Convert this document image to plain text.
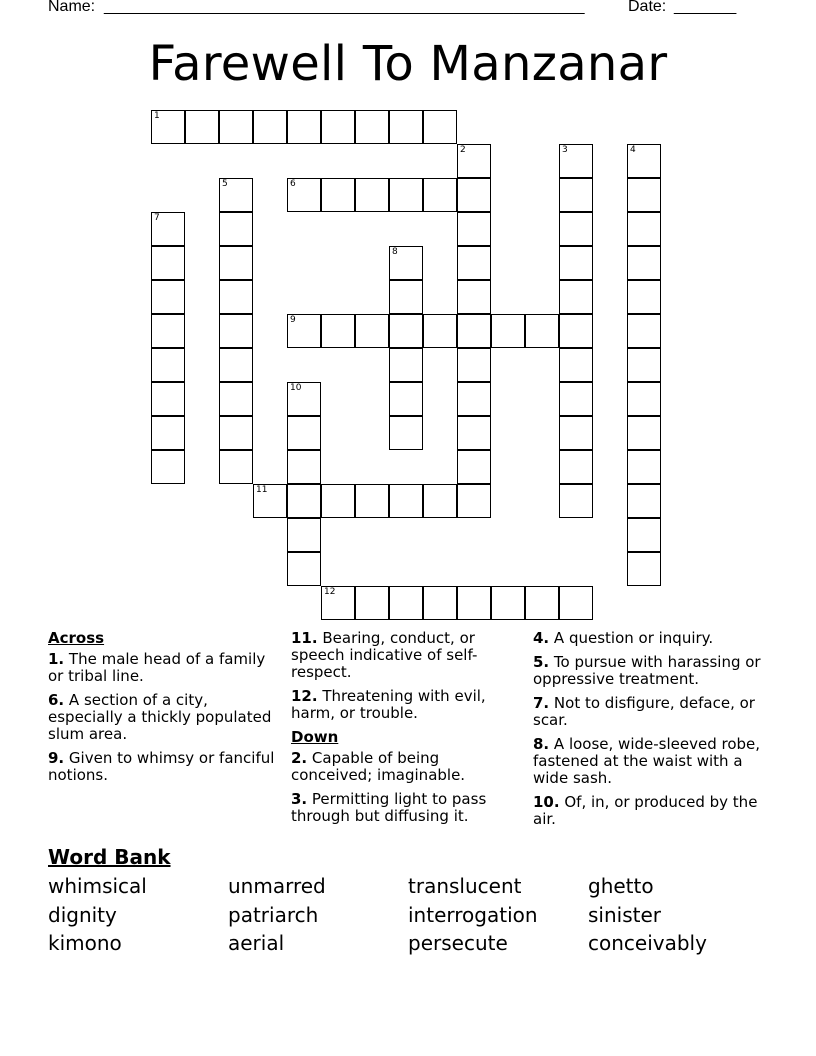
Name: ______________________________________________________	Date: _______
Farewell To Manzanar
1
2	3	4
5	6
7
8
9
10
11
12
Across
1. The male head of a family or tribal line.
6. A section of a city, especially a thickly populated slum area.
9. Given to whimsy or fanciful notions.
11. Bearing, conduct, or speech indicative of self-respect.
12. Threatening with evil, harm, or trouble.
Down
2. Capable of being conceived; imaginable.
3. Permitting light to pass through but diffusing it.
4. A question or inquiry.
5. To pursue with harassing or oppressive treatment.
7. Not to disfigure, deface, or scar.
8. A loose, wide-sleeved robe, fastened at the waist with a wide sash.
10. Of, in, or produced by the air.
Word Bank
whimsical	unmarred	translucent	ghetto
dignity	patriarch	interrogation	sinister
kimono	aerial	persecute	conceivably
